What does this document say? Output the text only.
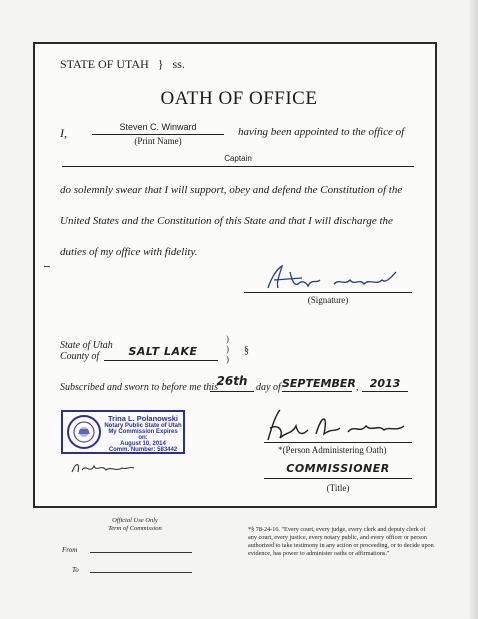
STATE OF UTAH } ss.
OATH OF OFFICE
I,	Steven C. Winward
(Print Name)
having been appointed to the office of
Captain
do solemnly swear that I will support, obey and defend the Constitution of the
United States and the Constitution of this State and that I will discharge the
duties of my office with fidelity.
(Signature)
State of Utah
County of	SALT LAKE
)
)
)
§
Subscribed and sworn to before me this
26th day of SEPTEMBER ,	2013
Trina L. Polanowski
Notary Public State of Utah
My Commission Expires on:
August 10, 2014
Comm. Number: 583442	*(Person Administering Oath)
COMMISSIONER
(Title)
Official Use Only
Term of Commission
From
To
*§ 78-24-16. "Every court, every judge, every clerk and deputy clerk of any court, every justice, every notary public, and every officer or person authorized to take testimony in any action or proceeding, or to decide upon evidence, has power to administer oaths or affirmations."
